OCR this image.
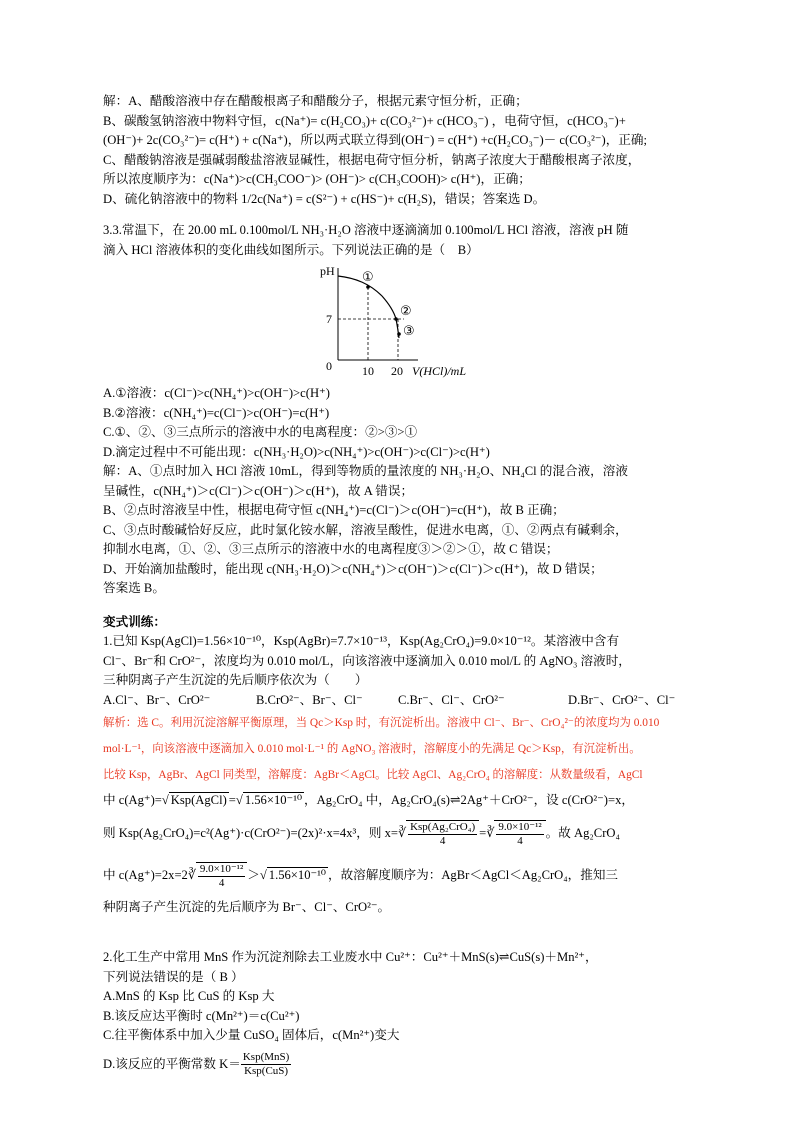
解：A、醋酸溶液中存在醋酸根离子和醋酸分子，根据元素守恒分析，正确；

B、碳酸氢钠溶液中物料守恒，c(Na⁺)= c(H₂CO₃)+ c(CO₃²⁻)+ c(HCO₃⁻) ，电荷守恒，c(HCO₃⁻)+

(OH⁻)+ 2c(CO₃²⁻)= c(H⁺) + c(Na⁺)，所以两式联立得到(OH⁻) = c(H⁺) +c(H₂CO₃⁻)－ c(CO₃²⁻)，正确;

C、醋酸钠溶液是强碱弱酸盐溶液显碱性，根据电荷守恒分析，钠离子浓度大于醋酸根离子浓度，

所以浓度顺序为：c(Na⁺)>c(CH₃COO⁻)> (OH⁻)> c(CH₃COOH)> c(H⁺)，正确；

D、硫化钠溶液中的物料 1/2c(Na⁺) = c(S²⁻) + c(HS⁻)+ c(H₂S)，错误；答案选 D。

3.3.常温下，在 20.00 mL 0.100mol/L NH₃·H₂O 溶液中逐滴滴加 0.100mol/L HCl 溶液，溶液 pH 随

滴入 HCl 溶液体积的变化曲线如图所示。下列说法正确的是（　B）

pH
7
0	10 20 V(HCl)/mL
①
②
③

A.①溶液：c(Cl⁻)>c(NH₄⁺)>c(OH⁻)>c(H⁺)

B.②溶液：c(NH₄⁺)=c(Cl⁻)>c(OH⁻)=c(H⁺)

C.①、②、③三点所示的溶液中水的电离程度：②>③>①

D.滴定过程中不可能出现：c(NH₃·H₂O)>c(NH₄⁺)>c(OH⁻)>c(Cl⁻)>c(H⁺)

解：A、①点时加入 HCl 溶液 10mL，得到等物质的量浓度的 NH₃·H₂O、NH₄Cl 的混合液，溶液

呈碱性，c(NH₄⁺)＞c(Cl⁻)＞c(OH⁻)＞c(H⁺)，故 A 错误；

B、②点时溶液呈中性，根据电荷守恒 c(NH₄⁺)=c(Cl⁻)＞c(OH⁻)=c(H⁺)，故 B 正确；

C、③点时酸碱恰好反应，此时氯化铵水解，溶液呈酸性，促进水电离，①、②两点有碱剩余，

抑制水电离，①、②、③三点所示的溶液中水的电离程度③＞②＞①，故 C 错误；

D、开始滴加盐酸时，能出现 c(NH₃·H₂O)＞c(NH₄⁺)＞c(OH⁻)＞c(Cl⁻)＞c(H⁺)，故 D 错误；

答案选 B。

变式训练：

1.已知 Ksp(AgCl)=1.56×10⁻¹⁰，Ksp(AgBr)=7.7×10⁻¹³，Ksp(Ag₂CrO₄)=9.0×10⁻¹²。某溶液中含有

Cl⁻、Br⁻和 CrO²⁻，浓度均为 0.010 mol/L，向该溶液中逐滴加入 0.010 mol/L 的 AgNO₃ 溶液时，

三种阴离子产生沉淀的先后顺序依次为（　　）

A.Cl⁻、Br⁻、CrO²⁻	B.CrO²⁻、Br⁻、Cl⁻	C.Br⁻、Cl⁻、CrO²⁻	D.Br⁻、CrO²⁻、Cl⁻

解析：选 C。利用沉淀溶解平衡原理，当 Qc＞Ksp 时，有沉淀析出。溶液中 Cl⁻、Br⁻、CrO₄²⁻的浓度均为 0.010

mol·L⁻¹，向该溶液中逐滴加入 0.010 mol·L⁻¹ 的 AgNO₃ 溶液时，溶解度小的先满足 Qc＞Ksp，有沉淀析出。

比较 Ksp，AgBr、AgCl 同类型，溶解度：AgBr＜AgCl。比较 AgCl、Ag₂CrO₄ 的溶解度：从数量级看，AgCl

中 c(Ag⁺)=√ Ksp(AgCl) =√ 1.56×10⁻¹⁰ ，Ag₂CrO₄ 中，Ag₂CrO₄(s)⇌2Ag⁺＋CrO²⁻，设 c(CrO²⁻)=x，

则 Ksp(Ag₂CrO₄)=c²(Ag⁺)·c(CrO²⁻)=(2x)²·x=4x³，则 x=∛ $\frac{\text{Ksp(Ag₂CrO₄)}}{4}$ =∛ $\frac{\text{9.0×10⁻¹²}}{4}$ 。故 Ag₂CrO₄

中 c(Ag⁺)=2x=2∛ $\frac{\text{9.0×10⁻¹²}}{4}$ ＞√ 1.56×10⁻¹⁰ ，故溶解度顺序为：AgBr＜AgCl＜Ag₂CrO₄，推知三

种阴离子产生沉淀的先后顺序为 Br⁻、Cl⁻、CrO²⁻。

2.化工生产中常用 MnS 作为沉淀剂除去工业废水中 Cu²⁺：Cu²⁺＋MnS(s)⇌CuS(s)＋Mn²⁺，

下列说法错误的是（ B ）

A.MnS 的 Ksp 比 CuS 的 Ksp 大

B.该反应达平衡时 c(Mn²⁺)＝c(Cu²⁺)

C.往平衡体系中加入少量 CuSO₄ 固体后，c(Mn²⁺)变大

D.该反应的平衡常数 $K= \frac{\text{Ksp(MnS)}}{\text{Ksp(CuS)}}$
